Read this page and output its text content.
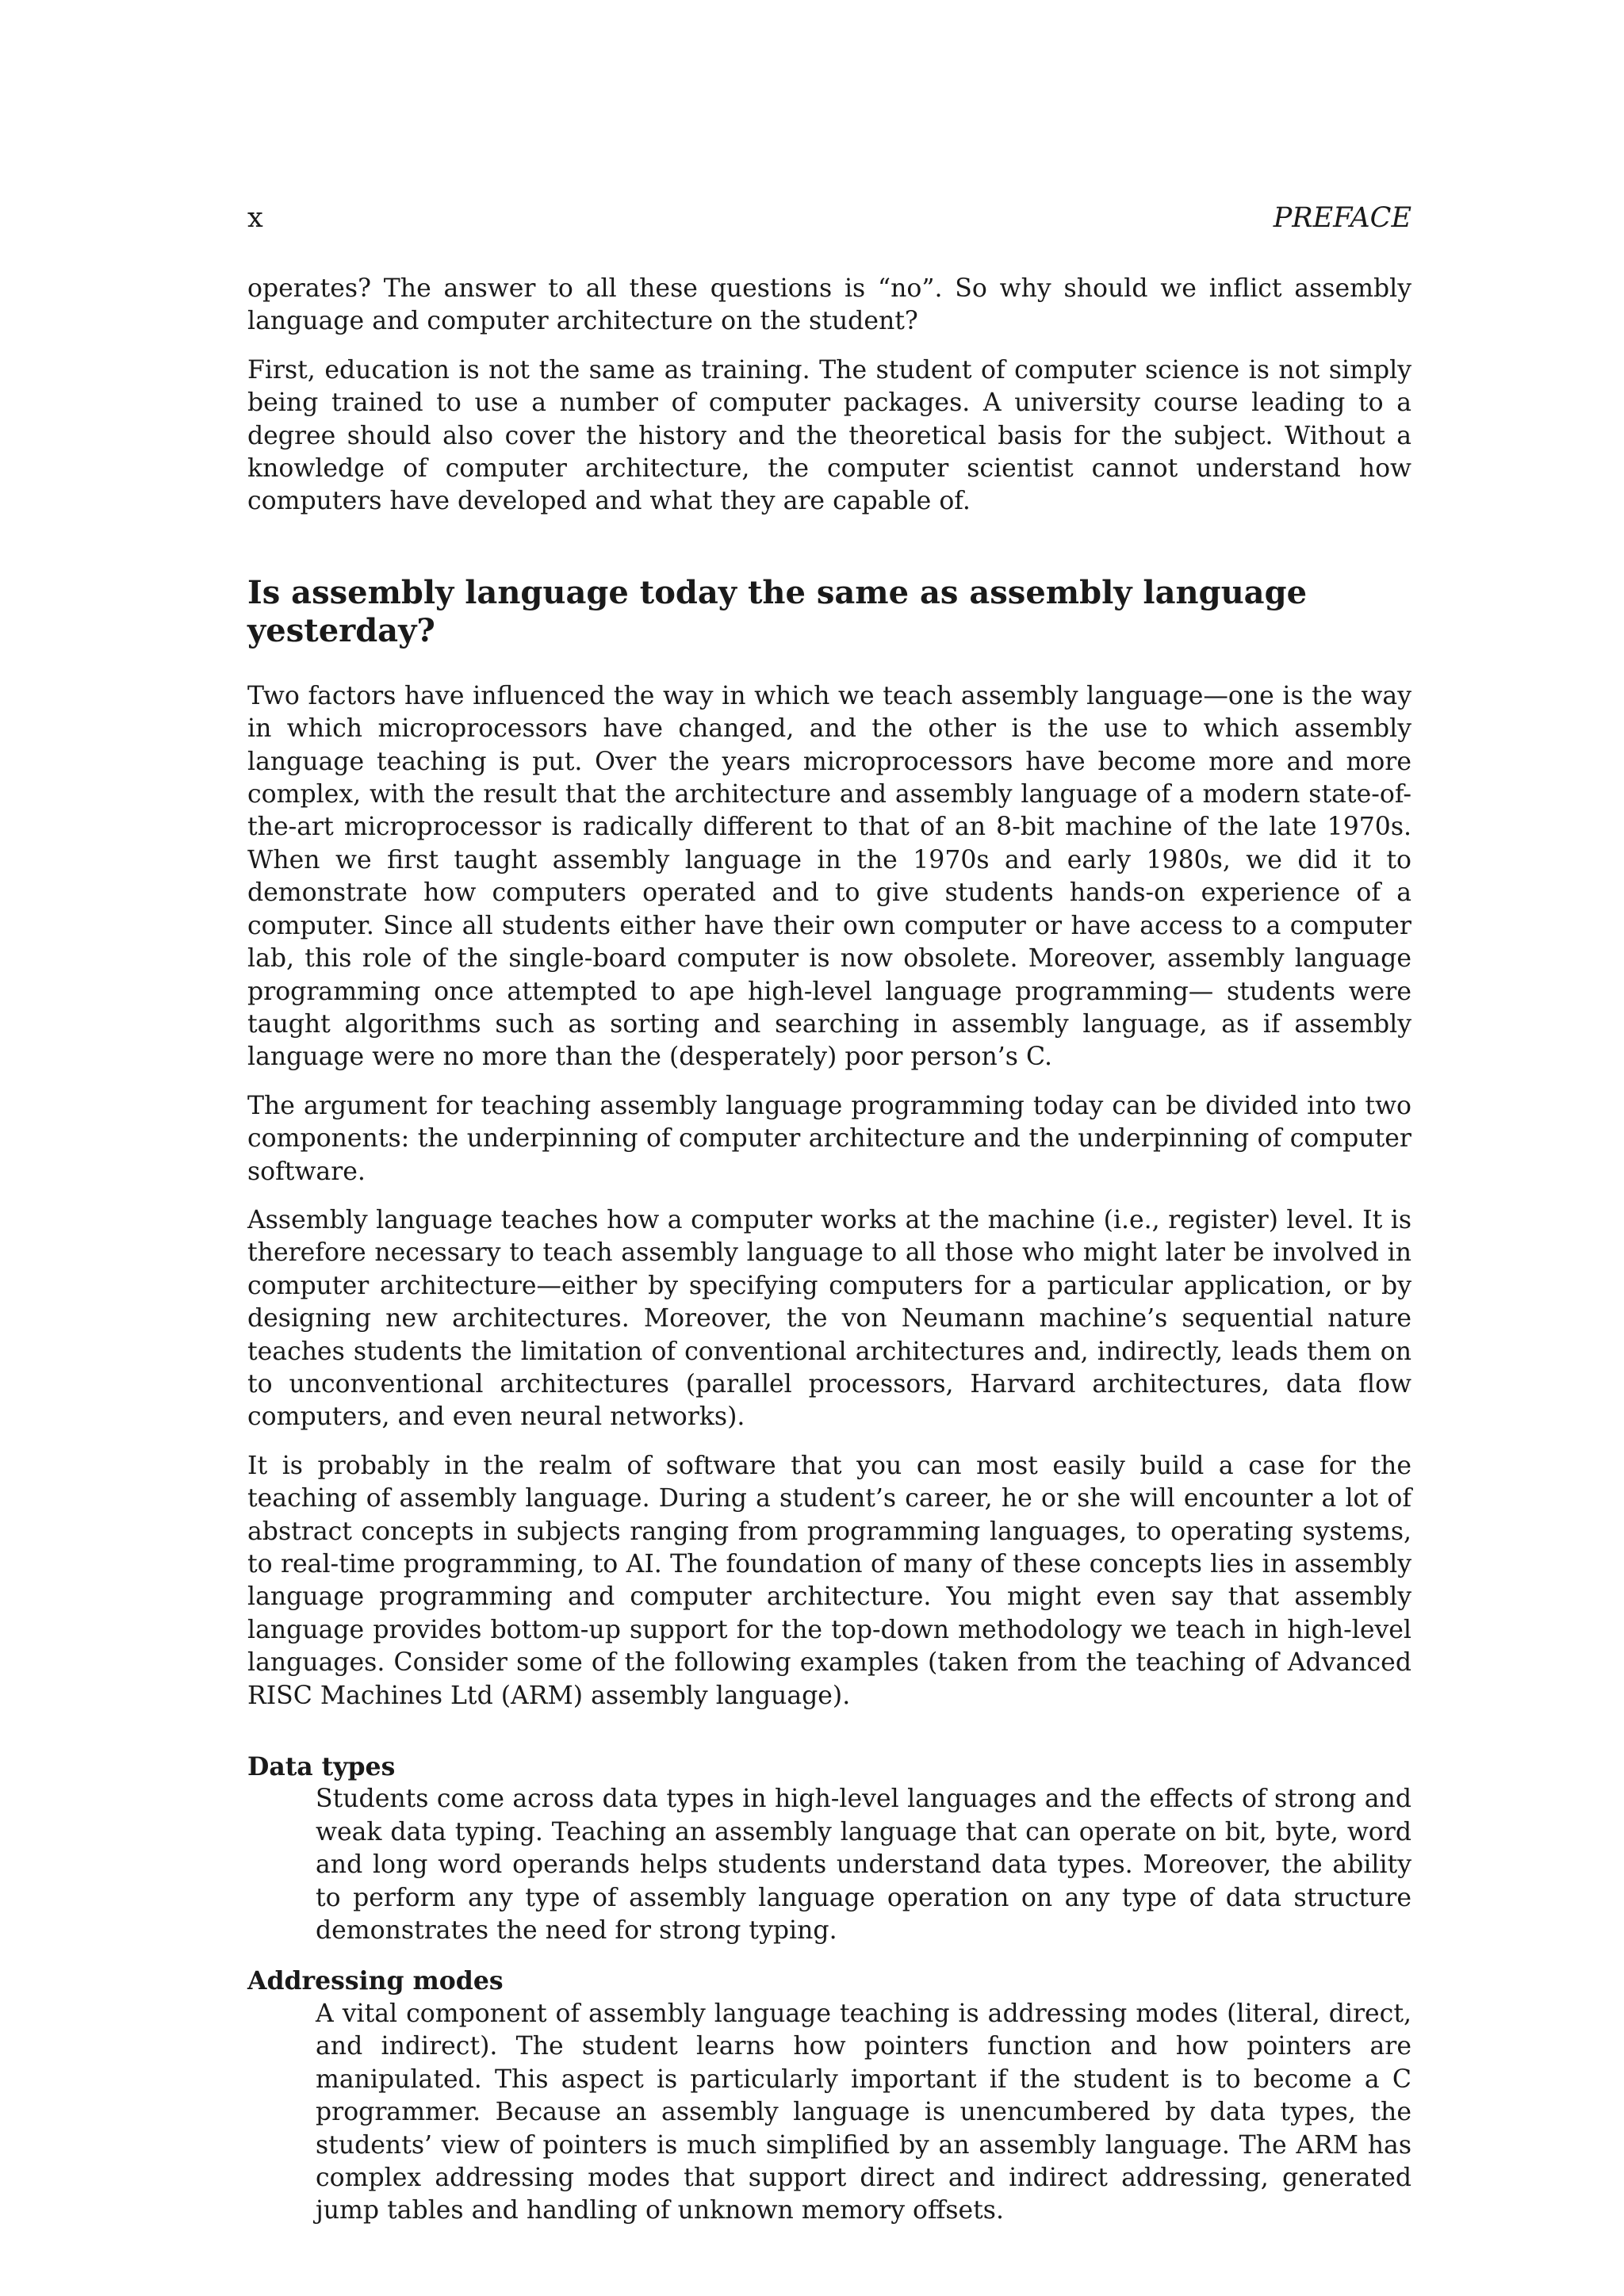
x	PREFACE

operates? The answer to all these questions is “no”. So why should we inflict assembly language and computer architecture on the student?

First, education is not the same as training. The student of computer science is not simply being trained to use a number of computer packages. A university course leading to a degree should also cover the history and the theoretical basis for the subject. Without a knowledge of computer architecture, the computer scientist cannot understand how computers have developed and what they are capable of.

Is assembly language today the same as assembly language yesterday?

Two factors have influenced the way in which we teach assembly language—one is the way in which microprocessors have changed, and the other is the use to which assembly language teaching is put. Over the years microprocessors have become more and more complex, with the result that the architecture and assembly language of a modern state-of-the-art microprocessor is radically different to that of an 8-bit machine of the late 1970s. When we first taught assembly language in the 1970s and early 1980s, we did it to demonstrate how computers operated and to give students hands-on experience of a computer. Since all students either have their own computer or have access to a computer lab, this role of the single-board computer is now obsolete. Moreover, assembly language programming once attempted to ape high-level language programming— students were taught algorithms such as sorting and searching in assembly language, as if assembly language were no more than the (desperately) poor person’s C.

The argument for teaching assembly language programming today can be divided into two components: the underpinning of computer architecture and the underpinning of computer software.

Assembly language teaches how a computer works at the machine (i.e., register) level. It is therefore necessary to teach assembly language to all those who might later be involved in computer architecture—either by specifying computers for a particular application, or by designing new architectures. Moreover, the von Neumann machine’s sequential nature teaches students the limitation of conventional architectures and, indirectly, leads them on to unconventional architectures (parallel processors, Harvard architectures, data flow computers, and even neural networks).

It is probably in the realm of software that you can most easily build a case for the teaching of assembly language. During a student’s career, he or she will encounter a lot of abstract concepts in subjects ranging from programming languages, to operating systems, to real-time programming, to AI. The foundation of many of these concepts lies in assembly language programming and computer architecture. You might even say that assembly language provides bottom-up support for the top-down methodology we teach in high-level languages. Consider some of the following examples (taken from the teaching of Advanced RISC Machines Ltd (ARM) assembly language).

Data types

Students come across data types in high-level languages and the effects of strong and weak data typing. Teaching an assembly language that can operate on bit, byte, word and long word operands helps students understand data types. Moreover, the ability to perform any type of assembly language operation on any type of data structure demonstrates the need for strong typing.

Addressing modes

A vital component of assembly language teaching is addressing modes (literal, direct, and indirect). The student learns how pointers function and how pointers are manipulated. This aspect is particularly important if the student is to become a C programmer. Because an assembly language is unencumbered by data types, the students’ view of pointers is much simplified by an assembly language. The ARM has complex addressing modes that support direct and indirect addressing, generated jump tables and handling of unknown memory offsets.
